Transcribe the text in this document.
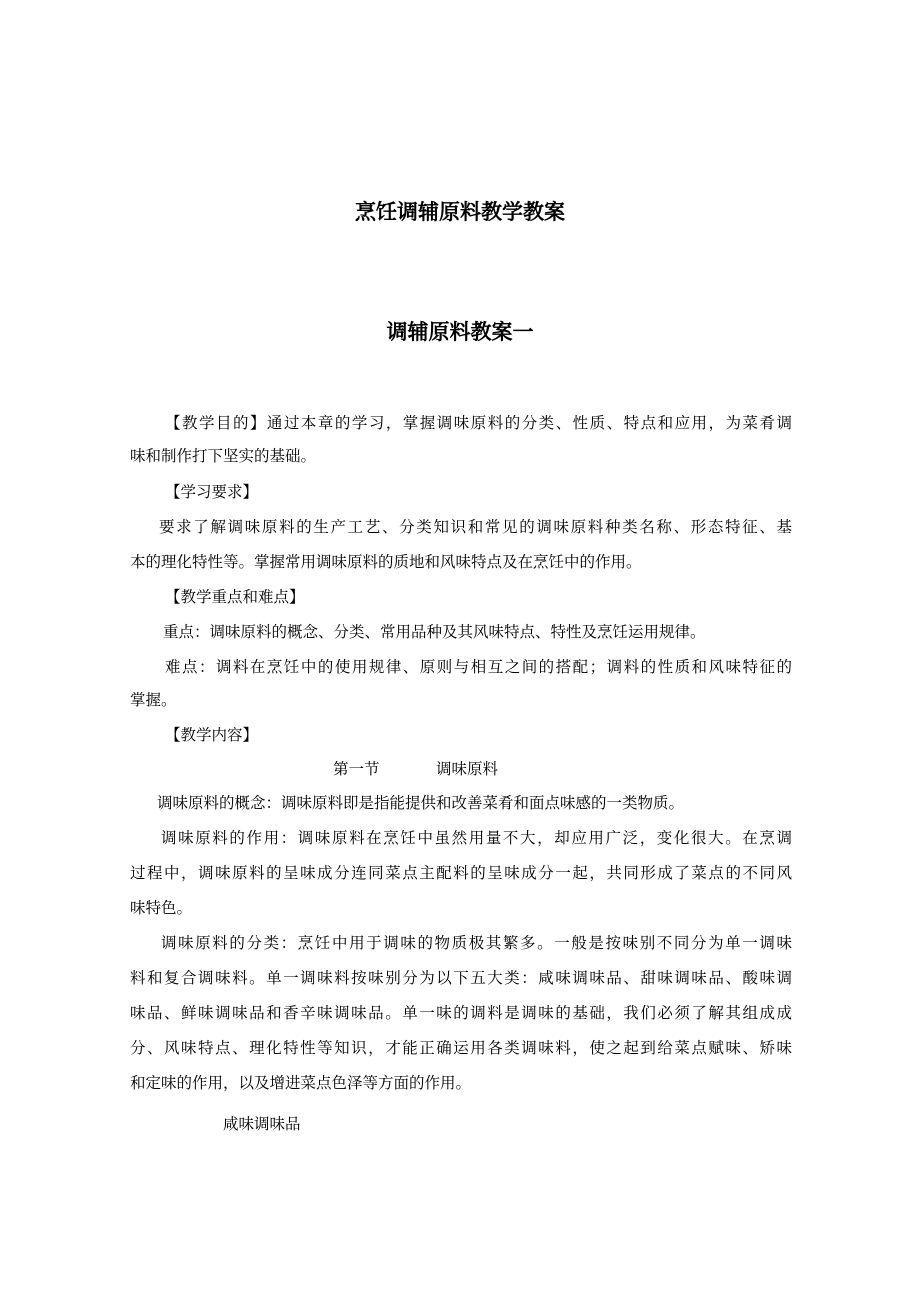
烹饪调辅原料教学教案
调辅原料教案一

【教学目的】通过本章的学习，掌握调味原料的分类、性质、特点和应用，为菜肴调

味和制作打下坚实的基础。

【学习要求】

要求了解调味原料的生产工艺、分类知识和常见的调味原料种类名称、形态特征、基

本的理化特性等。掌握常用调味原料的质地和风味特点及在烹饪中的作用。

【教学重点和难点】

重点：调味原料的概念、分类、常用品种及其风味特点、特性及烹饪运用规律。

难点：调料在烹饪中的使用规律、原则与相互之间的搭配；调料的性质和风味特征的

掌握。

【教学内容】

第一节	调味原料

调味原料的概念：调味原料即是指能提供和改善菜肴和面点味感的一类物质。

调味原料的作用：调味原料在烹饪中虽然用量不大，却应用广泛，变化很大。在烹调

过程中，调味原料的呈味成分连同菜点主配料的呈味成分一起，共同形成了菜点的不同风

味特色。

调味原料的分类：烹饪中用于调味的物质极其繁多。一般是按味别不同分为单一调味

料和复合调味料。单一调味料按味别分为以下五大类：咸味调味品、甜味调味品、酸味调

味品、鲜味调味品和香辛味调味品。单一味的调料是调味的基础，我们必须了解其组成成

分、风味特点、理化特性等知识，才能正确运用各类调味料，使之起到给菜点赋味、矫味

和定味的作用，以及增进菜点色泽等方面的作用。

咸味调味品
